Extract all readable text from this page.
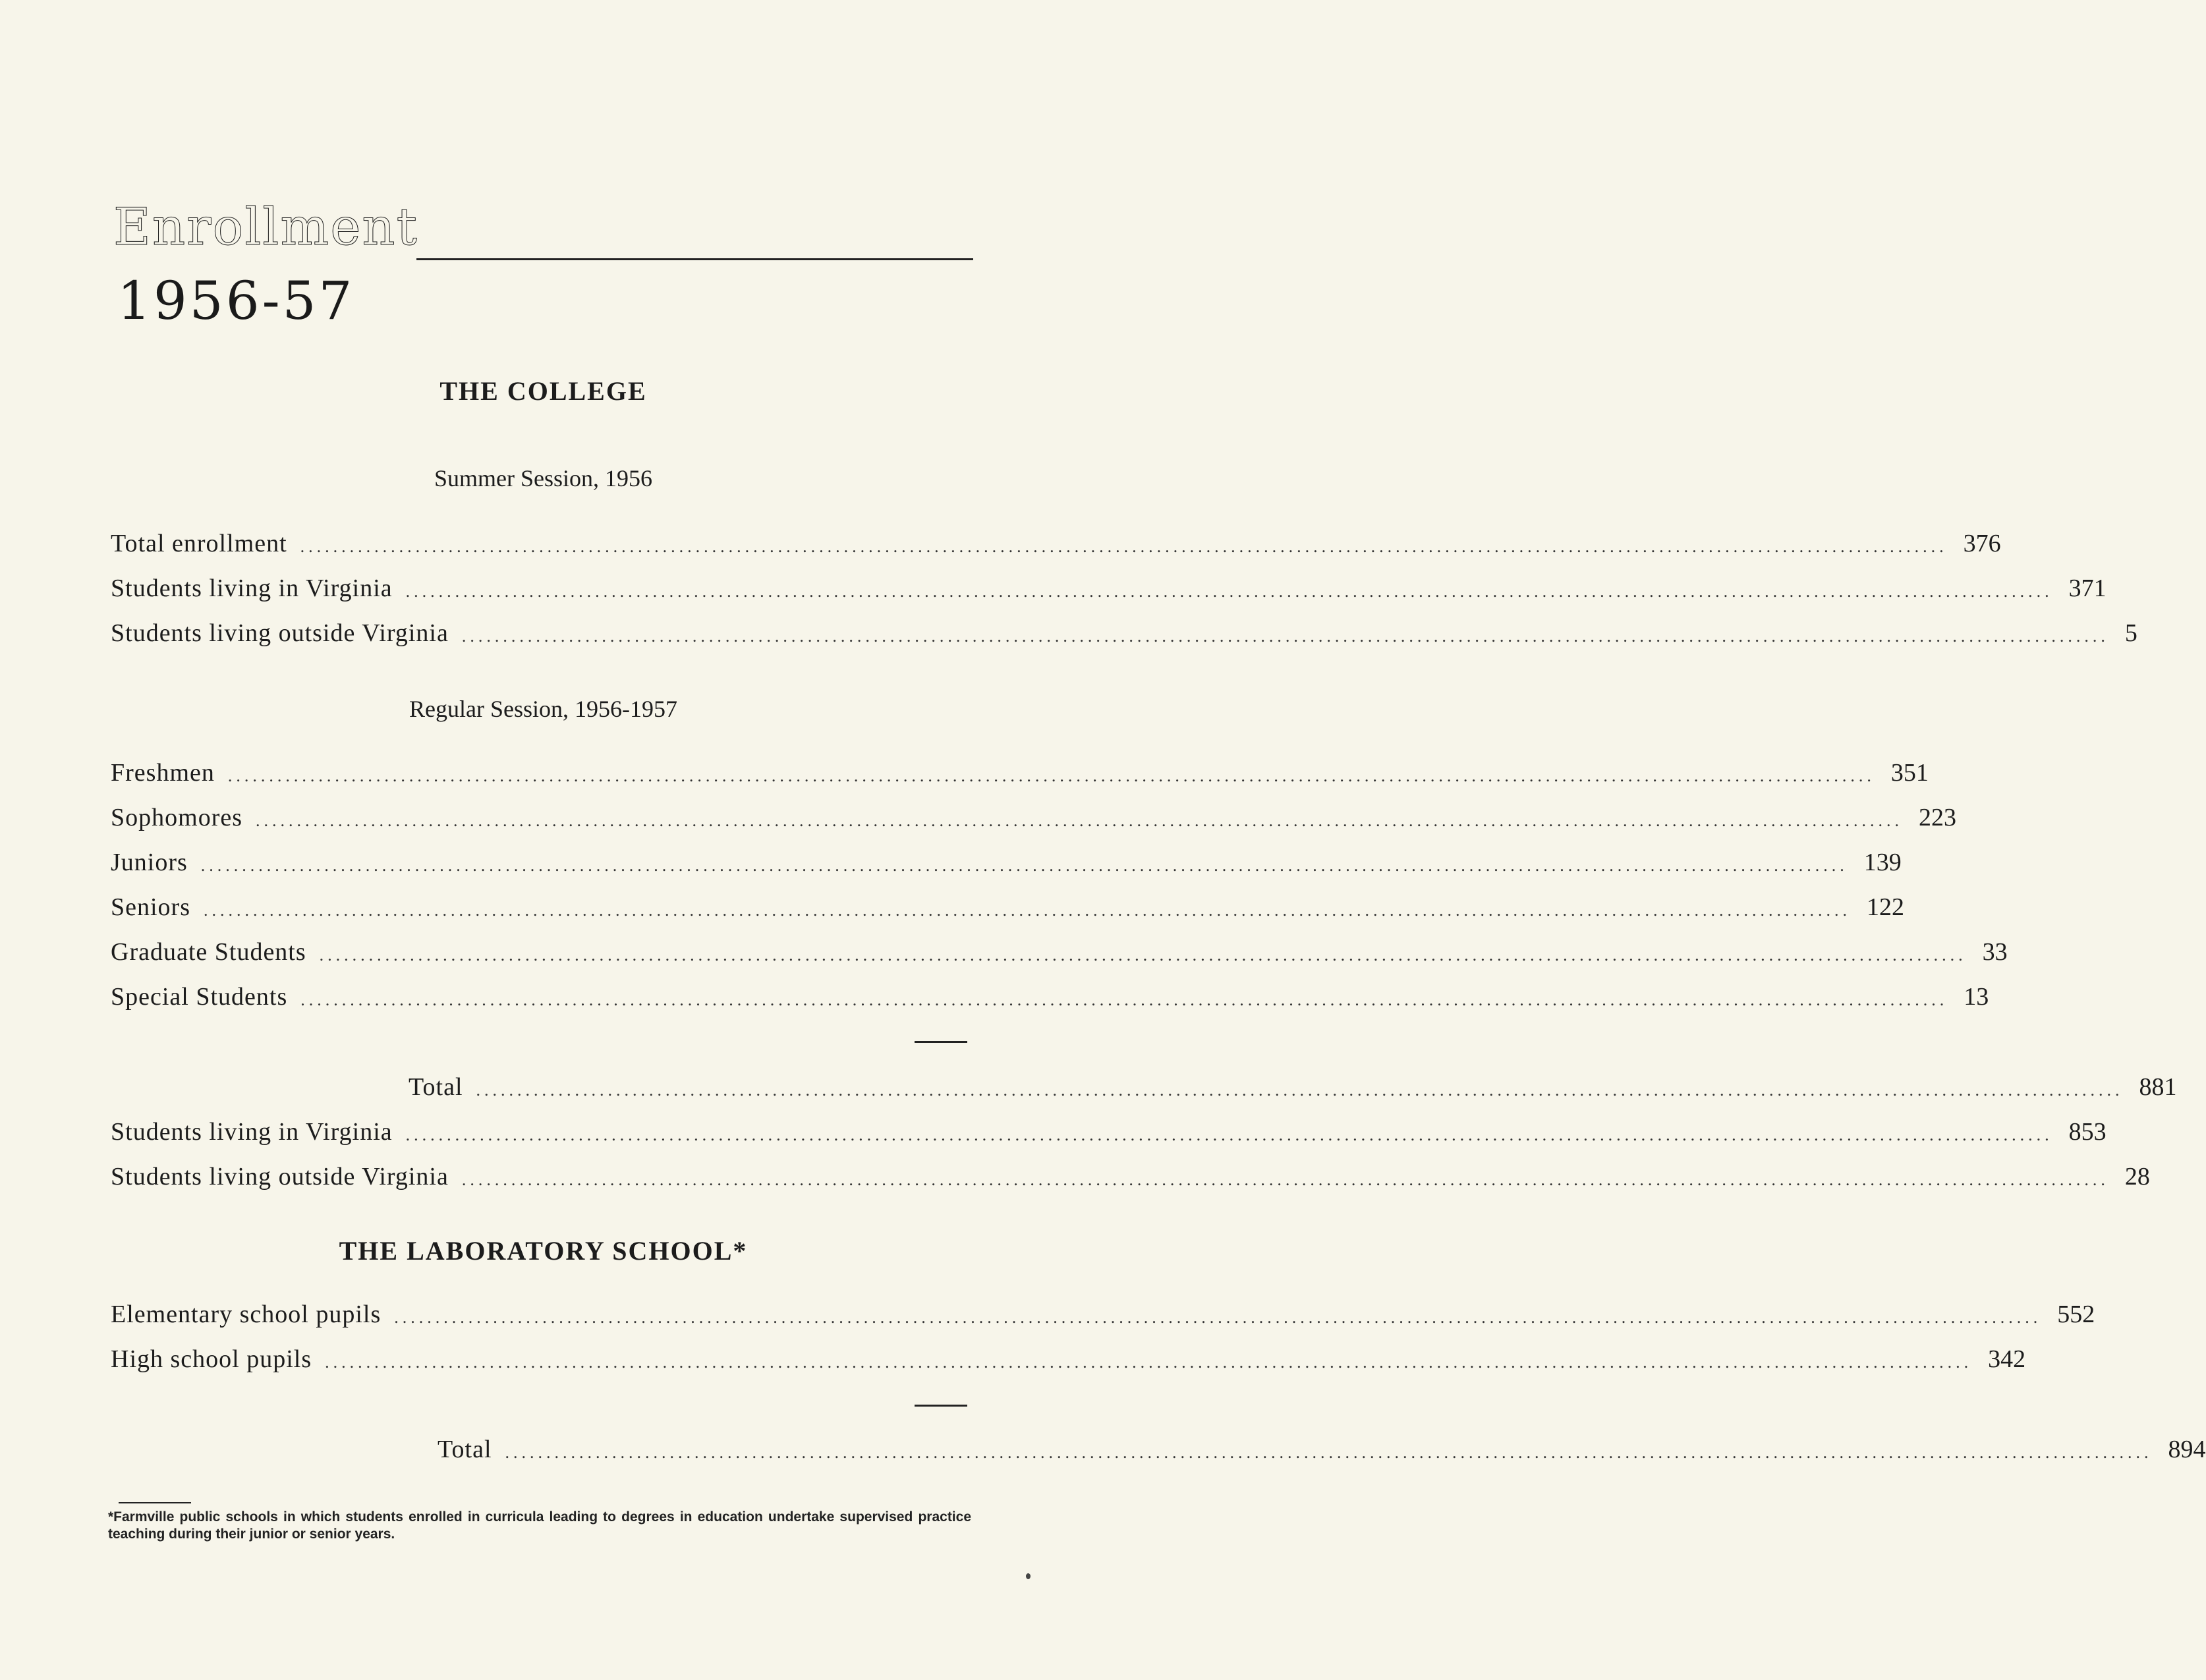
Enrollment
1956-57
THE COLLEGE
Summer Session, 1956
Total enrollment ........................................................................................................................................................................................................ 376
Students living in Virginia ........................................................................................................................................................................................................ 371
Students living outside Virginia ........................................................................................................................................................................................................ 5
Regular Session, 1956-1957
Freshmen ........................................................................................................................................................................................................ 351
Sophomores ........................................................................................................................................................................................................ 223
Juniors ........................................................................................................................................................................................................ 139
Seniors ........................................................................................................................................................................................................ 122
Graduate Students ........................................................................................................................................................................................................ 33
Special Students ........................................................................................................................................................................................................ 13
Total ........................................................................................................................................................................................................ 881
Students living in Virginia ........................................................................................................................................................................................................ 853
Students living outside Virginia ........................................................................................................................................................................................................ 28
THE LABORATORY SCHOOL*
Elementary school pupils ........................................................................................................................................................................................................ 552
High school pupils ........................................................................................................................................................................................................ 342
Total ........................................................................................................................................................................................................ 894
*Farmville public schools in which students enrolled in curricula leading to degrees in education undertake supervised practice teaching during their junior or senior years.
